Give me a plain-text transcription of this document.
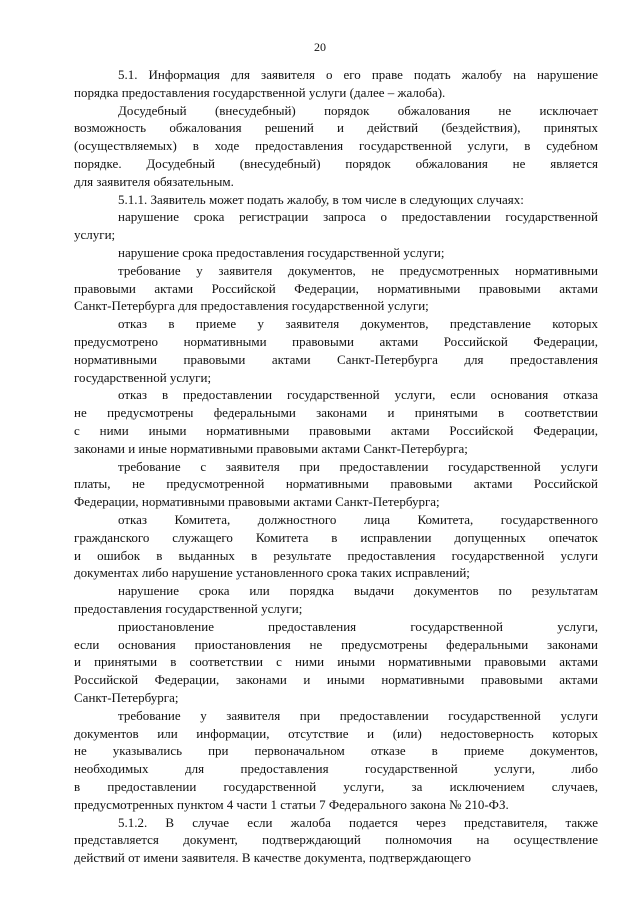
20
5.1. Информация для заявителя о его праве подать жалобу на нарушение
порядка предоставления государственной услуги (далее – жалоба).
Досудебный (внесудебный) порядок обжалования не исключает
возможность обжалования решений и действий (бездействия), принятых
(осуществляемых) в ходе предоставления государственной услуги, в судебном
порядке. Досудебный (внесудебный) порядок обжалования не является
для заявителя обязательным.
5.1.1. Заявитель может подать жалобу, в том числе в следующих случаях:
нарушение срока регистрации запроса о предоставлении государственной
услуги;
нарушение срока предоставления государственной услуги;
требование у заявителя документов, не предусмотренных нормативными
правовыми актами Российской Федерации, нормативными правовыми актами
Санкт-Петербурга для предоставления государственной услуги;
отказ в приеме у заявителя документов, представление которых
предусмотрено нормативными правовыми актами Российской Федерации,
нормативными правовыми актами Санкт-Петербурга для предоставления
государственной услуги;
отказ в предоставлении государственной услуги, если основания отказа
не предусмотрены федеральными законами и принятыми в соответствии
с ними иными нормативными правовыми актами Российской Федерации,
законами и иные нормативными правовыми актами Санкт-Петербурга;
требование с заявителя при предоставлении государственной услуги
платы, не предусмотренной нормативными правовыми актами Российской
Федерации, нормативными правовыми актами Санкт-Петербурга;
отказ Комитета, должностного лица Комитета, государственного
гражданского служащего Комитета в исправлении допущенных опечаток
и ошибок в выданных в результате предоставления государственной услуги
документах либо нарушение установленного срока таких исправлений;
нарушение срока или порядка выдачи документов по результатам
предоставления государственной услуги;
приостановление предоставления государственной услуги,
если основания приостановления не предусмотрены федеральными законами
и принятыми в соответствии с ними иными нормативными правовыми актами
Российской Федерации, законами и иными нормативными правовыми актами
Санкт-Петербурга;
требование у заявителя при предоставлении государственной услуги
документов или информации, отсутствие и (или) недостоверность которых
не указывались при первоначальном отказе в приеме документов,
необходимых для предоставления государственной услуги, либо
в предоставлении государственной услуги, за исключением случаев,
предусмотренных пунктом 4 части 1 статьи 7 Федерального закона № 210-ФЗ.
5.1.2. В случае если жалоба подается через представителя, также
представляется документ, подтверждающий полномочия на осуществление
действий от имени заявителя. В качестве документа, подтверждающего
